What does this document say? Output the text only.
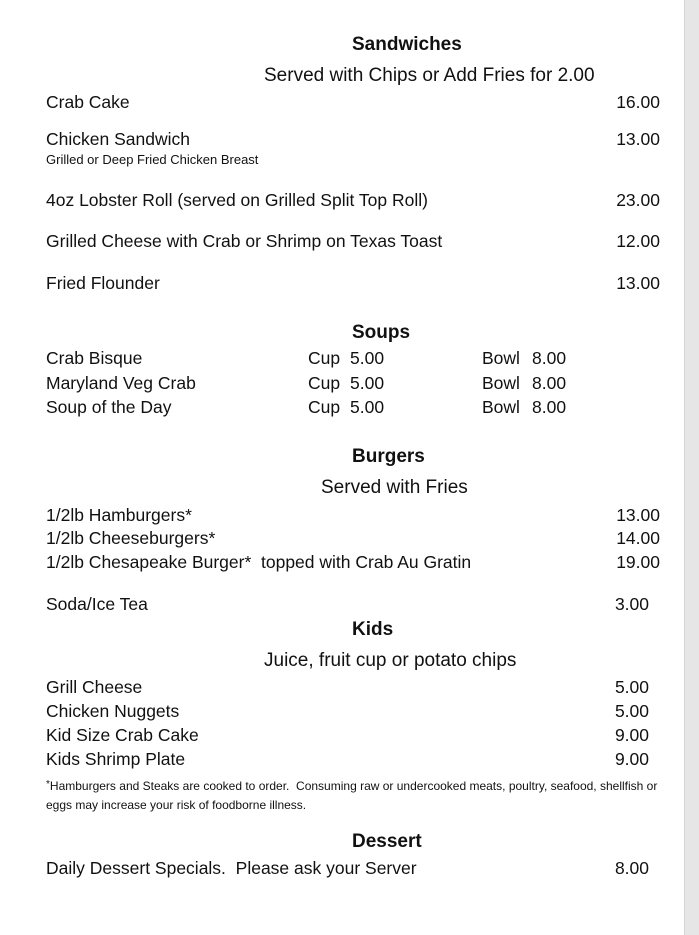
Sandwiches
Served with Chips or Add Fries for 2.00
Crab Cake	16.00
Chicken Sandwich	13.00
Grilled or Deep Fried Chicken Breast
4oz Lobster Roll (served on Grilled Split Top Roll)	23.00
Grilled Cheese with Crab or Shrimp on Texas Toast	12.00
Fried Flounder	13.00
Soups
Crab Bisque	Cup 5.00	Bowl 8.00
Maryland Veg Crab	Cup 5.00	Bowl 8.00
Soup of the Day	Cup 5.00	Bowl 8.00
Burgers
Served with Fries
1/2lb Hamburgers*	13.00
1/2lb Cheeseburgers*	14.00
1/2lb Chesapeake Burger*  topped with Crab Au Gratin	19.00
Soda/Ice Tea	3.00
Kids
Juice, fruit cup or potato chips
Grill Cheese	5.00
Chicken Nuggets	5.00
Kid Size Crab Cake	9.00
Kids Shrimp Plate	9.00
*Hamburgers and Steaks are cooked to order.  Consuming raw or undercooked meats, poultry, seafood, shellfish or
eggs may increase your risk of foodborne illness.
Dessert
Daily Dessert Specials.  Please ask your Server	8.00
